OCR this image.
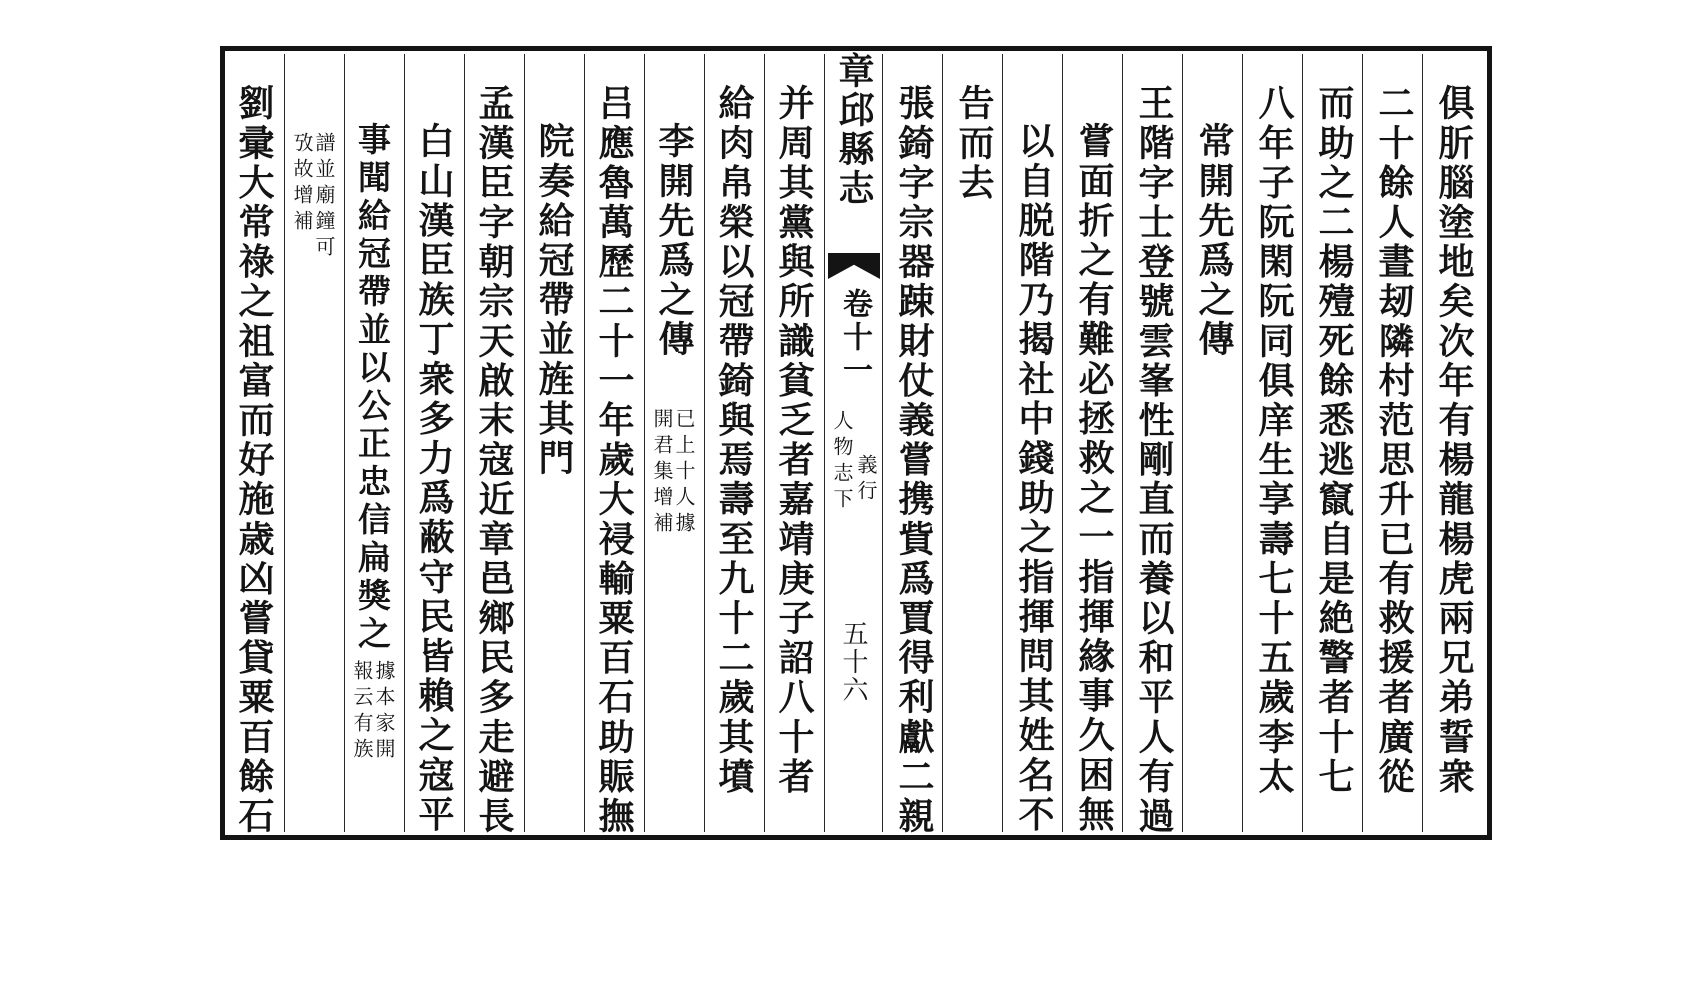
俱肵腦塗地矣次年有楊龍楊虎兩兄弟誓衆
二十餘人晝刼隣村范思升已有救援者廣從
而助之二楊殪死餘悉逃竄自是絶警者十七
八年子阮閑阮同俱庠生享壽七十五歲李太
常開先爲之傳
王階字士登號雲峯性剛直而養以和平人有過
嘗面折之有難必拯救之一指揮緣事久困無
以自脱階乃揭社中錢助之指揮問其姓名不
告而去
張錡字宗器踈財仗義嘗携貲爲賈得利獻二親
章邱縣志
卷十一
人物志下 義行
五十六
并周其黨與所識貧乏者嘉靖庚子詔八十者
給肉帛榮以冠帶錡與焉壽至九十二歲其墳
李開先爲之傳
已上十人據
開君集增補
吕應魯萬歷二十一年歲大祲輸粟百石助賑撫
院奏給冠帶並旌其門
孟漢臣字朝宗天啟末寇近章邑鄉民多走避長
白山漢臣族丁衆多力爲蔽守民皆賴之寇平
事聞給冠帶並以公正忠信扁獎之
據本家開
報云有族
譜並廟鐘可
攷故增補
劉彚大常祿之祖富而好施歳凶嘗貸粟百餘石
